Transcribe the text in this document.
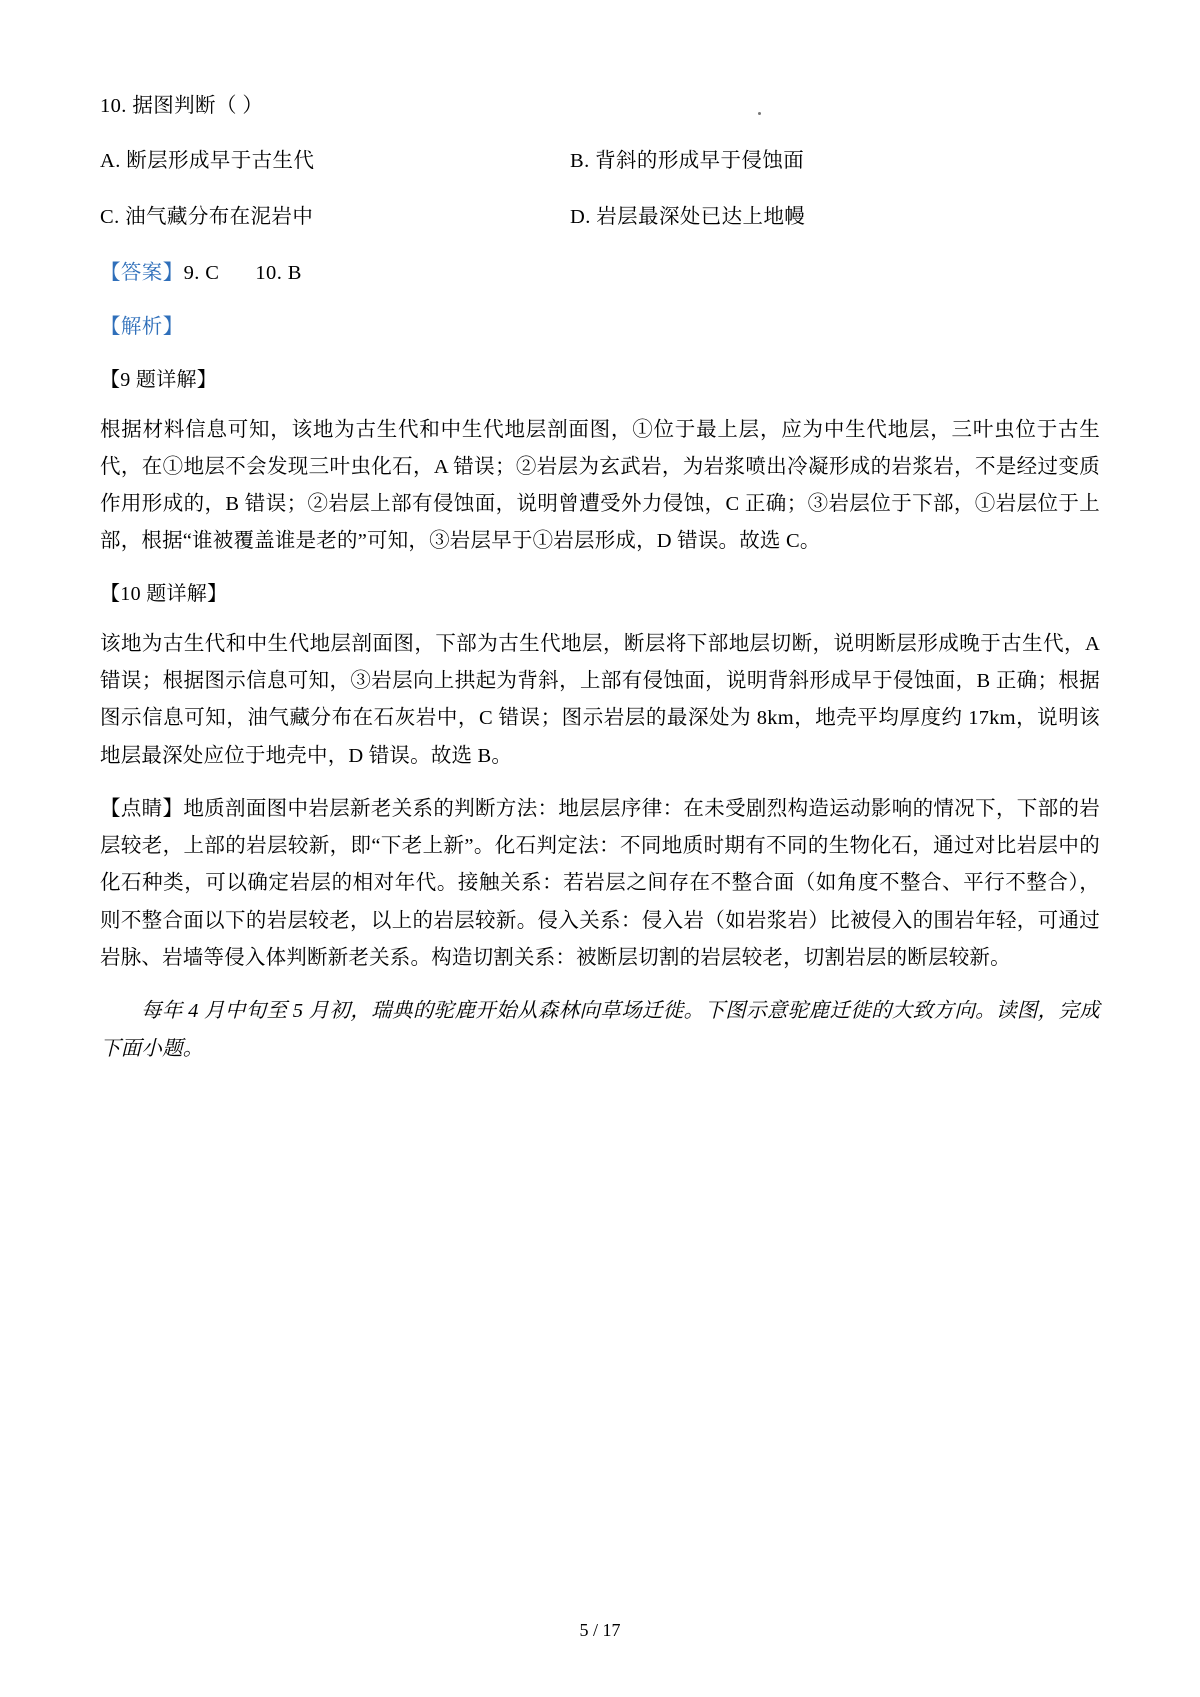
10. 据图判断（ ）
A. 断层形成早于古生代	B. 背斜的形成早于侵蚀面
C. 油气藏分布在泥岩中	D. 岩层最深处已达上地幔
【答案】9. C 10. B
【解析】
【9 题详解】

根据材料信息可知，该地为古生代和中生代地层剖面图，①位于最上层，应为中生代地层，三叶虫位于古生代，在①地层不会发现三叶虫化石，A 错误；②岩层为玄武岩，为岩浆喷出冷凝形成的岩浆岩，不是经过变质作用形成的，B 错误；②岩层上部有侵蚀面，说明曾遭受外力侵蚀，C 正确；③岩层位于下部，①岩层位于上部，根据“谁被覆盖谁是老的”可知，③岩层早于①岩层形成，D 错误。故选 C。

【10 题详解】

该地为古生代和中生代地层剖面图，下部为古生代地层，断层将下部地层切断，说明断层形成晚于古生代，A 错误；根据图示信息可知，③岩层向上拱起为背斜，上部有侵蚀面，说明背斜形成早于侵蚀面，B 正确；根据图示信息可知，油气藏分布在石灰岩中，C 错误；图示岩层的最深处为 8km，地壳平均厚度约 17km，说明该地层最深处应位于地壳中，D 错误。故选 B。

【点睛】地质剖面图中岩层新老关系的判断方法：地层层序律：在未受剧烈构造运动影响的情况下，下部的岩层较老，上部的岩层较新，即“下老上新”。化石判定法：不同地质时期有不同的生物化石，通过对比岩层中的化石种类，可以确定岩层的相对年代。接触关系：若岩层之间存在不整合面（如角度不整合、平行不整合），则不整合面以下的岩层较老，以上的岩层较新。侵入关系：侵入岩（如岩浆岩）比被侵入的围岩年轻，可通过岩脉、岩墙等侵入体判断新老关系。构造切割关系：被断层切割的岩层较老，切割岩层的断层较新。

每年 4 月中旬至 5 月初，瑞典的驼鹿开始从森林向草场迁徙。下图示意驼鹿迁徙的大致方向。读图，完成下面小题。

5 / 17
